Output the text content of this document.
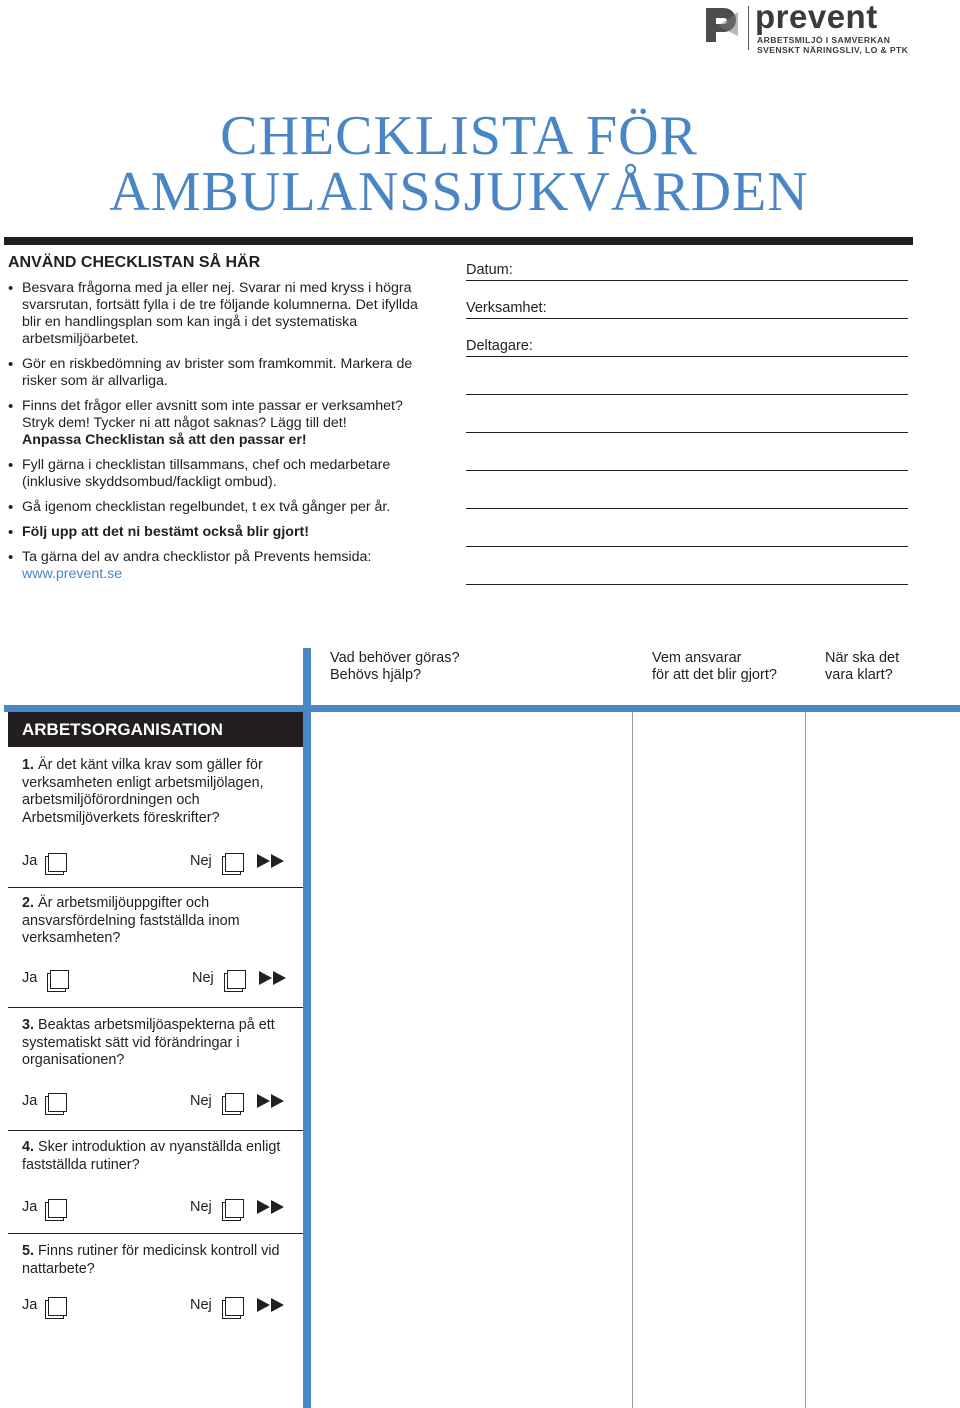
prevent
ARBETSMILJÖ I SAMVERKAN
SVENSKT NÄRINGSLIV, LO & PTK
CHECKLISTA FÖR
AMBULANSSJUKVÅRDEN
ANVÄND CHECKLISTAN SÅ HÄR
• Besvara frågorna med ja eller nej. Svarar ni med kryss i högra svarsrutan, fortsätt fylla i de tre följande kolumnerna. Det ifyllda blir en handlingsplan som kan ingå i det systematiska arbetsmiljöarbetet.
• Gör en riskbedömning av brister som framkommit. Markera de risker som är allvarliga.
• Finns det frågor eller avsnitt som inte passar er verksamhet? Stryk dem! Tycker ni att något saknas? Lägg till det!
Anpassa Checklistan så att den passar er!
• Fyll gärna i checklistan tillsammans, chef och medarbetare (inklusive skyddsombud/fackligt ombud).
• Gå igenom checklistan regelbundet, t ex två gånger per år.
• Följ upp att det ni bestämt också blir gjort!
• Ta gärna del av andra checklistor på Prevents hemsida:
www.prevent.se
Datum:
Verksamhet:
Deltagare:
Vad behöver göras?
Behövs hjälp?
Vem ansvarar
för att det blir gjort?
När ska det
vara klart?
ARBETSORGANISATION
1. Är det känt vilka krav som gäller för verksamheten enligt arbetsmiljölagen, arbetsmiljöförordningen och Arbetsmiljöverkets föreskrifter?
Ja	Nej
2. Är arbetsmiljöuppgifter och ansvarsfördelning fastställda inom verksamheten?
Ja	Nej
3. Beaktas arbetsmiljöaspekterna på ett systematiskt sätt vid förändringar i organisationen?
Ja	Nej
4. Sker introduktion av nyanställda enligt fastställda rutiner?
Ja	Nej
5. Finns rutiner för medicinsk kontroll vid nattarbete?
Ja	Nej
